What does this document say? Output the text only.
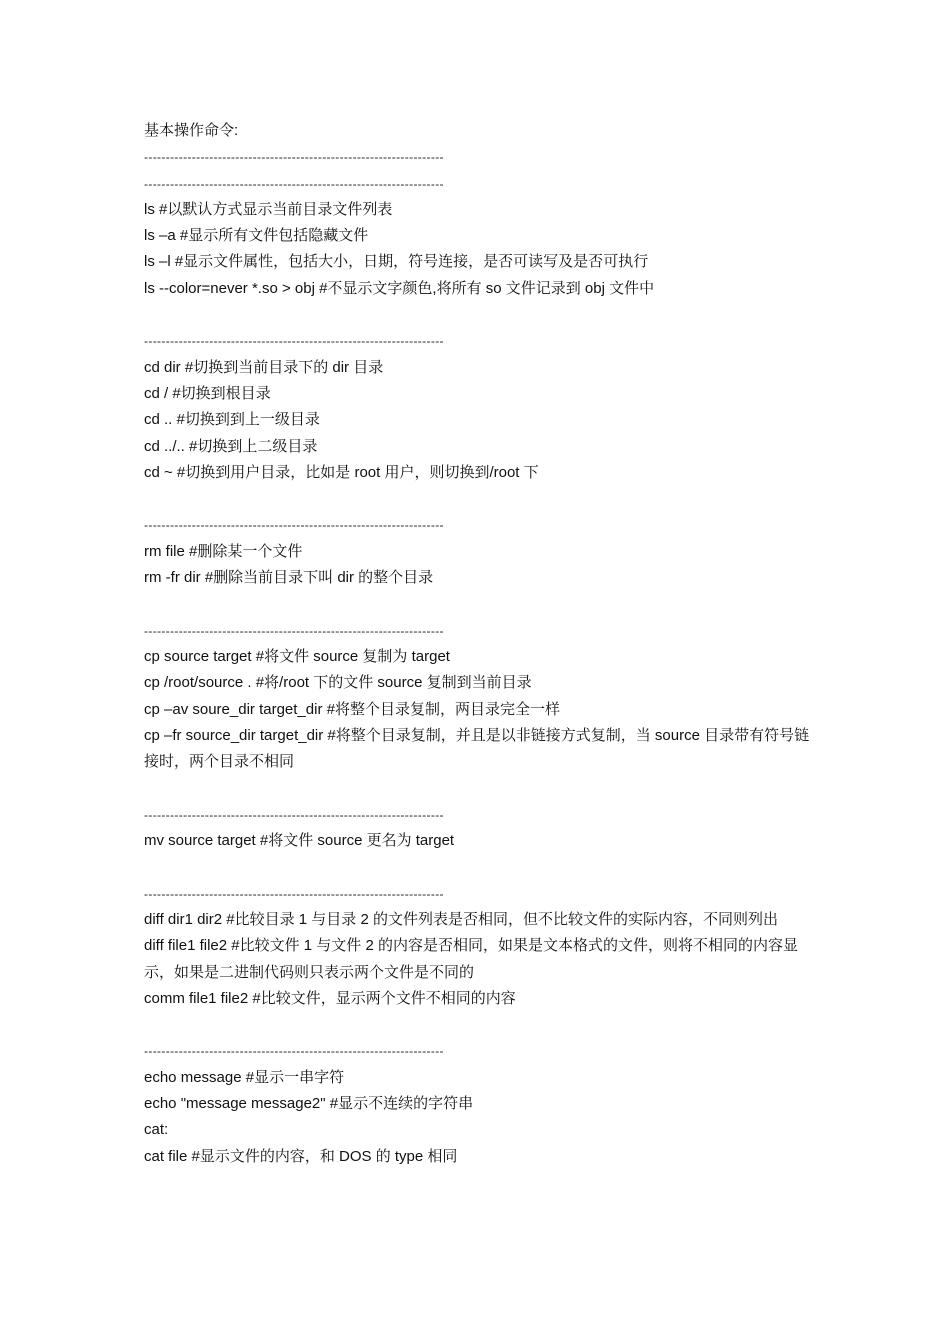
基本操作命令:
---------------------------------------------------------------------
---------------------------------------------------------------------
ls #以默认方式显示当前目录文件列表
ls –a #显示所有文件包括隐藏文件
ls –l #显示文件属性，包括大小，日期，符号连接，是否可读写及是否可执行
ls --color=never *.so > obj #不显示文字颜色,将所有 so 文件记录到 obj 文件中
---------------------------------------------------------------------
cd dir #切换到当前目录下的 dir 目录
cd / #切换到根目录
cd .. #切换到到上一级目录
cd ../.. #切换到上二级目录
cd ~ #切换到用户目录，比如是 root 用户，则切换到/root 下
---------------------------------------------------------------------
rm file #删除某一个文件
rm -fr dir #删除当前目录下叫 dir 的整个目录
---------------------------------------------------------------------
cp source target #将文件 source 复制为 target
cp /root/source . #将/root 下的文件 source 复制到当前目录
cp –av soure_dir target_dir #将整个目录复制，两目录完全一样
cp –fr source_dir target_dir #将整个目录复制，并且是以非链接方式复制，当 source 目录带有符号链接时，两个目录不相同
---------------------------------------------------------------------
mv source target #将文件 source 更名为 target
---------------------------------------------------------------------
diff dir1 dir2 #比较目录 1 与目录 2 的文件列表是否相同，但不比较文件的实际内容，不同则列出
diff file1 file2 #比较文件 1 与文件 2 的内容是否相同，如果是文本格式的文件，则将不相同的内容显示，如果是二进制代码则只表示两个文件是不同的
comm file1 file2 #比较文件，显示两个文件不相同的内容
---------------------------------------------------------------------
echo message #显示一串字符
echo "message message2" #显示不连续的字符串
cat:
cat file #显示文件的内容，和 DOS 的 type 相同
